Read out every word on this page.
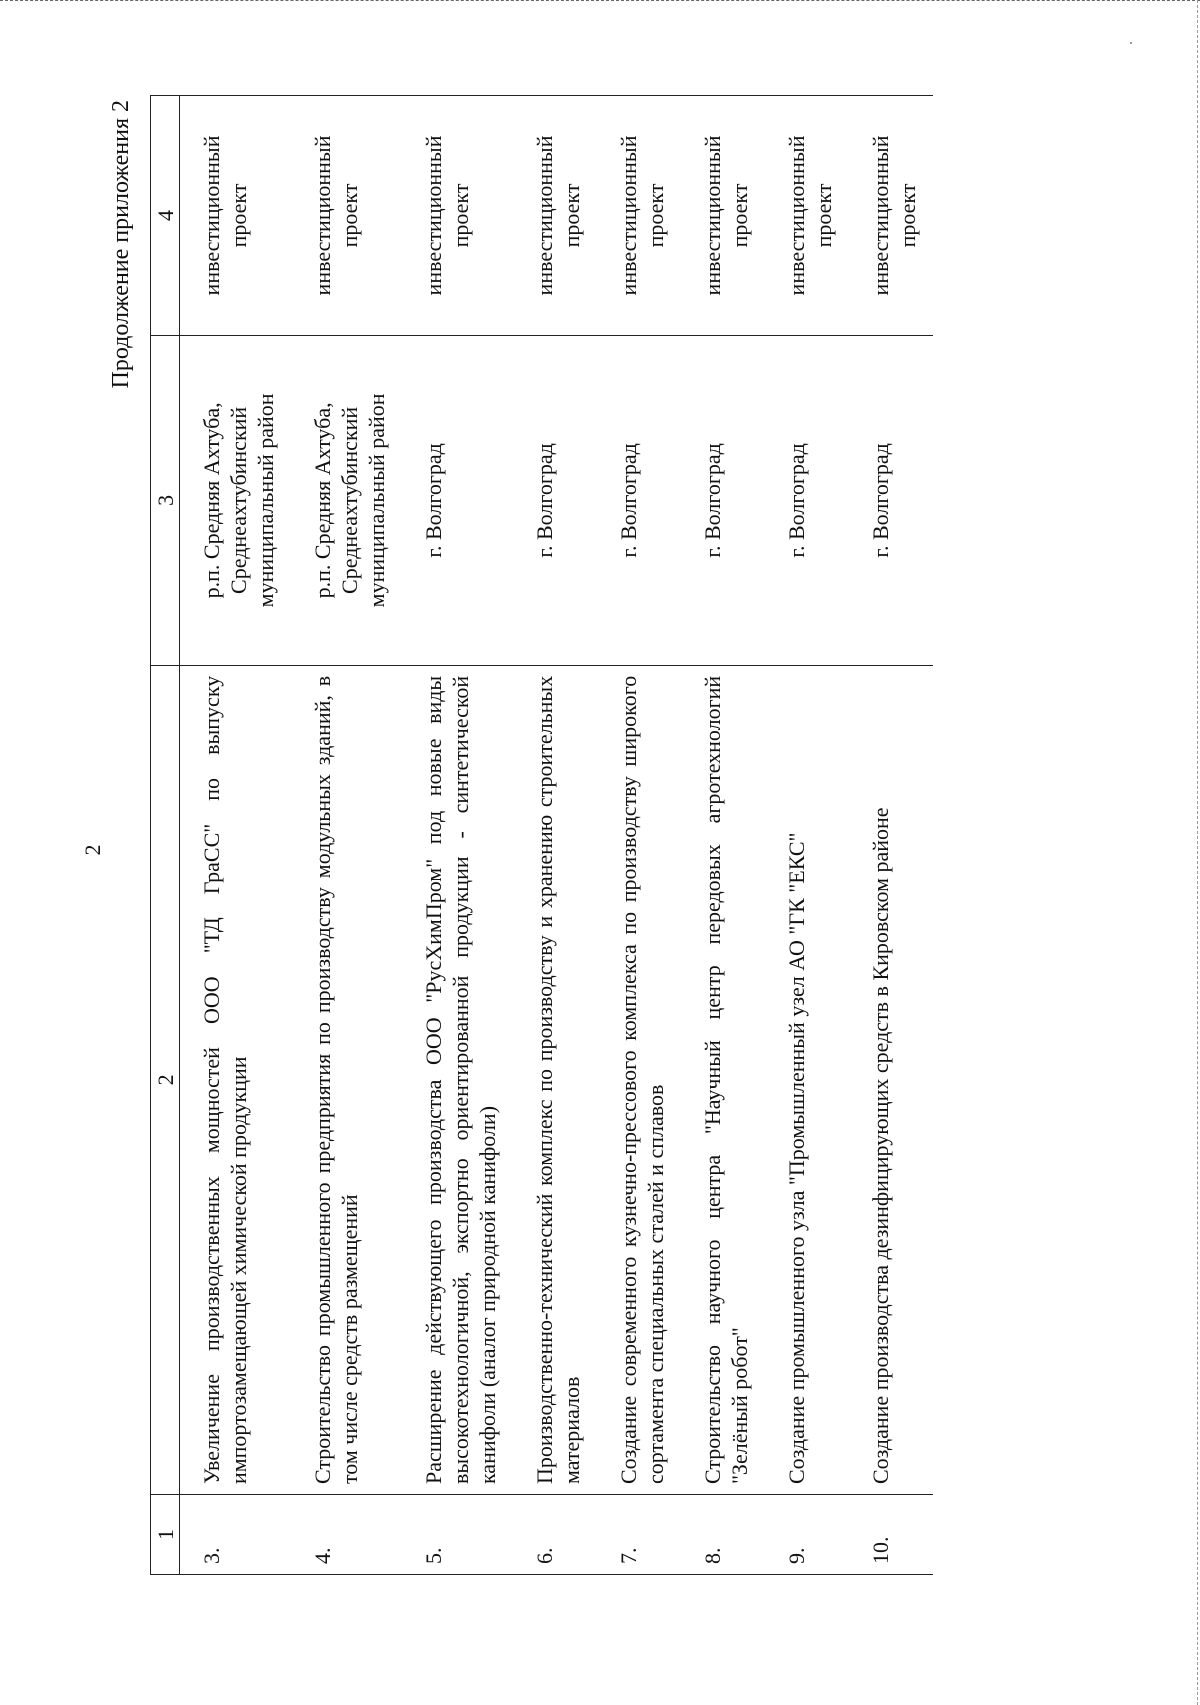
2
Продолжение приложения 2
1	2	3	4
3.	Увеличение производственных мощностей ООО "ТД ГраСС" по выпуску импортозамещающей химической продукции	р.п. Средняя Ахтуба, Среднеахтубинский муниципальный район	инвестиционный проект
4.	Строительство промышленного предприятия по производству модульных зданий, в том числе средств размещений	р.п. Средняя Ахтуба, Среднеахтубинский муниципальный район	инвестиционный проект
5.	Расширение действующего производства ООО "РусХимПром" под новые виды высокотехнологичной, экспортно ориентированной продукции - синтетической канифоли (аналог природной канифоли)	г. Волгоград	инвестиционный проект
6.	Производственно-технический комплекс по производству и хранению строительных материалов	г. Волгоград	инвестиционный проект
7.	Создание современного кузнечно-прессового комплекса по производству широкого сортамента специальных сталей и сплавов	г. Волгоград	инвестиционный проект
8.	Строительство научного центра "Научный центр передовых агротехнологий "Зелёный робот"	г. Волгоград	инвестиционный проект
9.	Создание промышленного узла "Промышленный узел АО "ГК "ЕКС"	г. Волгоград	инвестиционный проект
10.	Создание производства дезинфицирующих средств в Кировском районе	г. Волгоград	инвестиционный проект
